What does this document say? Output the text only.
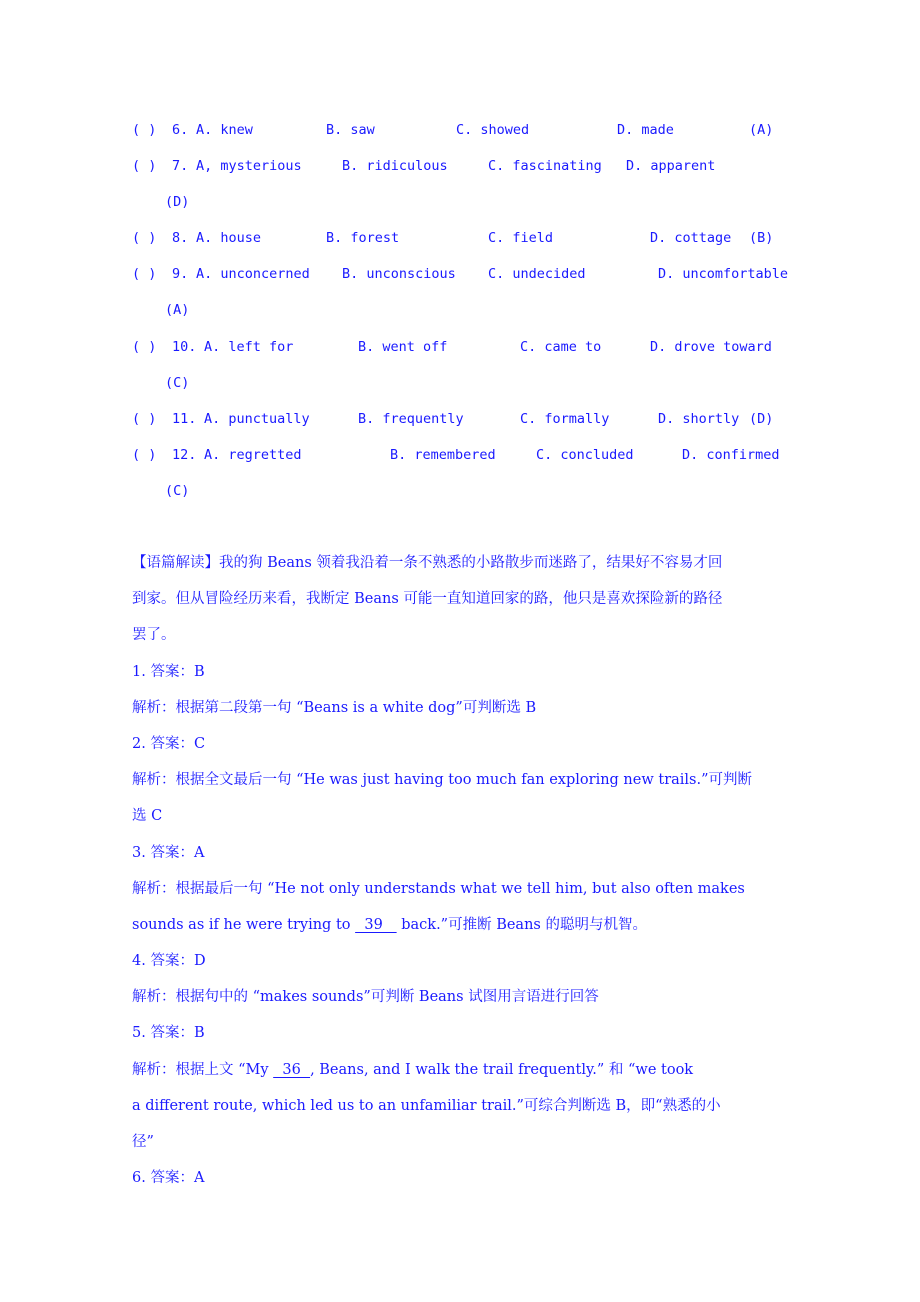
( ) 6. A. knew	B. saw	C. showed	D. made	(A)
( ) 7. A, mysterious	B. ridiculous	C. fascinating D. apparent
(D)
( ) 8. A. house	B. forest	C. field	D. cottage (B)
( ) 9. A. unconcerned B. unconscious C. undecided	D. uncomfortable
(A)
( ) 10. A. left for	B. went off	C. came to	D. drove toward
(C)
( ) 11. A. punctually	B. frequently	C. formally	D. shortly (D)
( ) 12. A. regretted	B. remembered	C. concluded	D. confirmed
(C)
【语篇解读】我的狗 Beans 领着我沿着一条不熟悉的小路散步而迷路了，结果好不容易才回
到家。但从冒险经历来看，我断定 Beans 可能一直知道回家的路，他只是喜欢探险新的路径
罢了。
1. 答案：B
解析：根据第二段第一句 “Beans is a white dog”可判断选 B
2. 答案：C
解析：根据全文最后一句 “He was just having too much fan exploring new trails.”可判断
选 C
3. 答案：A
解析：根据最后一句 “He not only understands what we tell him, but also often makes
sounds as if he were trying to   39    back.”可推断 Beans 的聪明与机智。
4. 答案：D
解析：根据句中的 “makes sounds”可判断 Beans 试图用言语进行回答
5. 答案：B
解析：根据上文 “My   36  , Beans, and I walk the trail frequently.” 和 “we took
a different route, which led us to an unfamiliar trail.”可综合判断选 B，即“熟悉的小
径”
6. 答案：A
